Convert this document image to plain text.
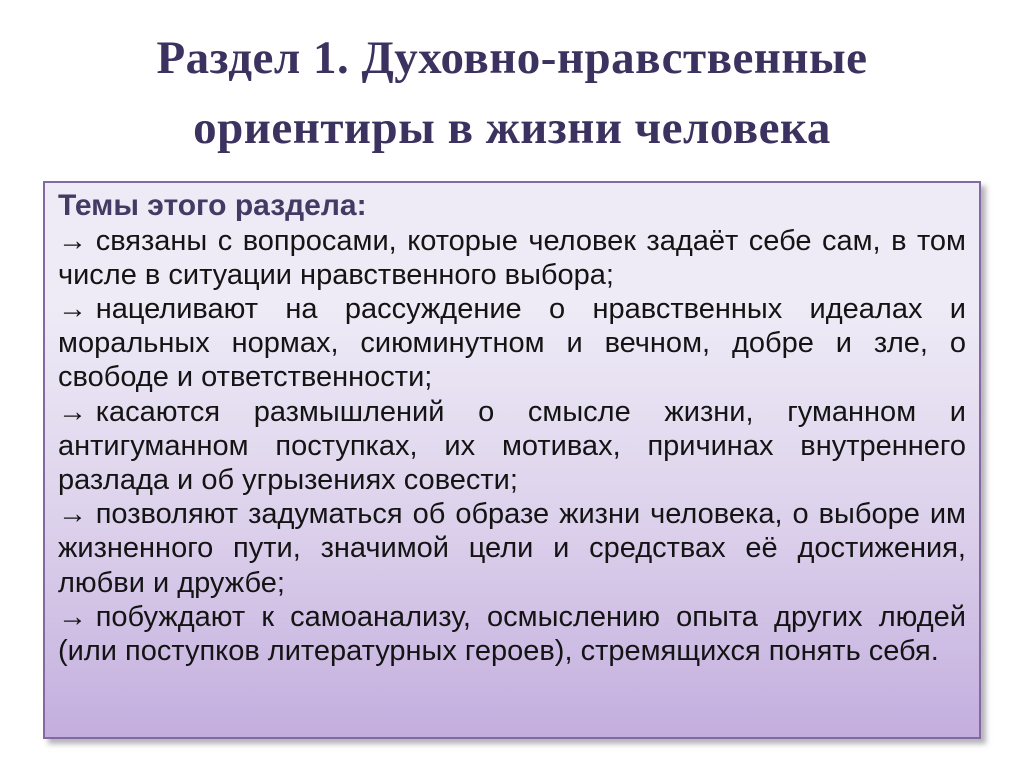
Раздел 1. Духовно-нравственные ориентиры в жизни человека

Темы этого раздела:

→ связаны с вопросами, которые человек задаёт себе сам, в том числе в ситуации нравственного выбора;

→ нацеливают на рассуждение о нравственных идеалах и моральных нормах, сиюминутном и вечном, добре и зле, о свободе и ответственности;

→ касаются размышлений о смысле жизни, гуманном и антигуманном поступках, их мотивах, причинах внутреннего разлада и об угрызениях совести;

→ позволяют задуматься об образе жизни человека, о выборе им жизненного пути, значимой цели и средствах её достижения, любви и дружбе;

→ побуждают к самоанализу, осмыслению опыта других людей (или поступков литературных героев), стремящихся понять себя.
